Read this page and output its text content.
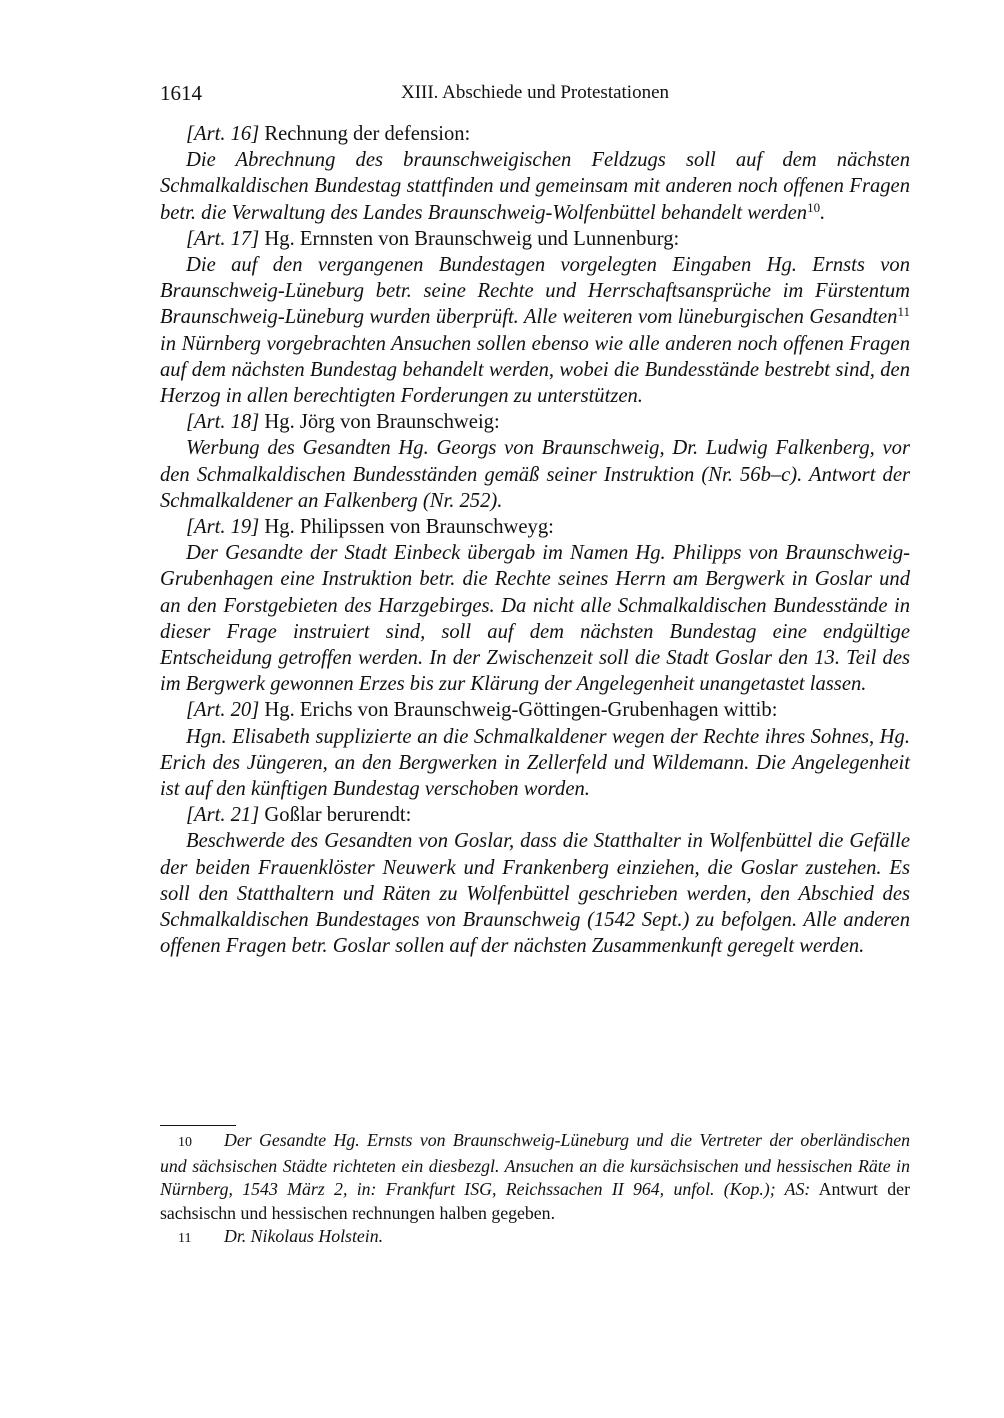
1614	XIII. Abschiede und Protestationen

[Art. 16] Rechnung der defension:

Die Abrechnung des braunschweigischen Feldzugs soll auf dem nächsten Schmalkaldischen Bundestag stattfinden und gemeinsam mit anderen noch offenen Fragen betr. die Verwaltung des Landes Braunschweig-Wolfenbüttel behandelt werden$^{10}$.

[Art. 17] Hg. Ernnsten von Braunschweig und Lunnenburg:

Die auf den vergangenen Bundestagen vorgelegten Eingaben Hg. Ernsts von Braunschweig-Lüneburg betr. seine Rechte und Herrschaftsansprüche im Fürstentum Braunschweig-Lüneburg wurden überprüft. Alle weiteren vom lüneburgischen Gesandten$^{11}$ in Nürnberg vorgebrachten Ansuchen sollen ebenso wie alle anderen noch offenen Fragen auf dem nächsten Bundestag behandelt werden, wobei die Bundesstände bestrebt sind, den Herzog in allen berechtigten Forderungen zu unterstützen.

[Art. 18] Hg. Jörg von Braunschweig:

Werbung des Gesandten Hg. Georgs von Braunschweig, Dr. Ludwig Falkenberg, vor den Schmalkaldischen Bundesständen gemäß seiner Instruktion (Nr. 56b–c). Antwort der Schmalkaldener an Falkenberg (Nr. 252).

[Art. 19] Hg. Philipssen von Braunschweyg:

Der Gesandte der Stadt Einbeck übergab im Namen Hg. Philipps von Braunschweig-Grubenhagen eine Instruktion betr. die Rechte seines Herrn am Bergwerk in Goslar und an den Forstgebieten des Harzgebirges. Da nicht alle Schmalkaldischen Bundesstände in dieser Frage instruiert sind, soll auf dem nächsten Bundestag eine endgültige Entscheidung getroffen werden. In der Zwischenzeit soll die Stadt Goslar den 13. Teil des im Bergwerk gewonnen Erzes bis zur Klärung der Angelegenheit unangetastet lassen.

[Art. 20] Hg. Erichs von Braunschweig-Göttingen-Grubenhagen wittib:

Hgn. Elisabeth supplizierte an die Schmalkaldener wegen der Rechte ihres Sohnes, Hg. Erich des Jüngeren, an den Bergwerken in Zellerfeld und Wildemann. Die Angelegenheit ist auf den künftigen Bundestag verschoben worden.

[Art. 21] Goßlar berurendt:

Beschwerde des Gesandten von Goslar, dass die Statthalter in Wolfenbüttel die Gefälle der beiden Frauenklöster Neuwerk und Frankenberg einziehen, die Goslar zustehen. Es soll den Statthaltern und Räten zu Wolfenbüttel geschrieben werden, den Abschied des Schmalkaldischen Bundestages von Braunschweig (1542 Sept.) zu befolgen. Alle anderen offenen Fragen betr. Goslar sollen auf der nächsten Zusammenkunft geregelt werden.

10 Der Gesandte Hg. Ernsts von Braunschweig-Lüneburg und die Vertreter der oberländischen und sächsischen Städte richteten ein diesbezgl. Ansuchen an die kursächsischen und hessischen Räte in Nürnberg, 1543 März 2, in: Frankfurt ISG, Reichssachen II 964, unfol. (Kop.); AS: Antwurt der sachsischn und hessischen rechnungen halben gegeben.

11 Dr. Nikolaus Holstein.
